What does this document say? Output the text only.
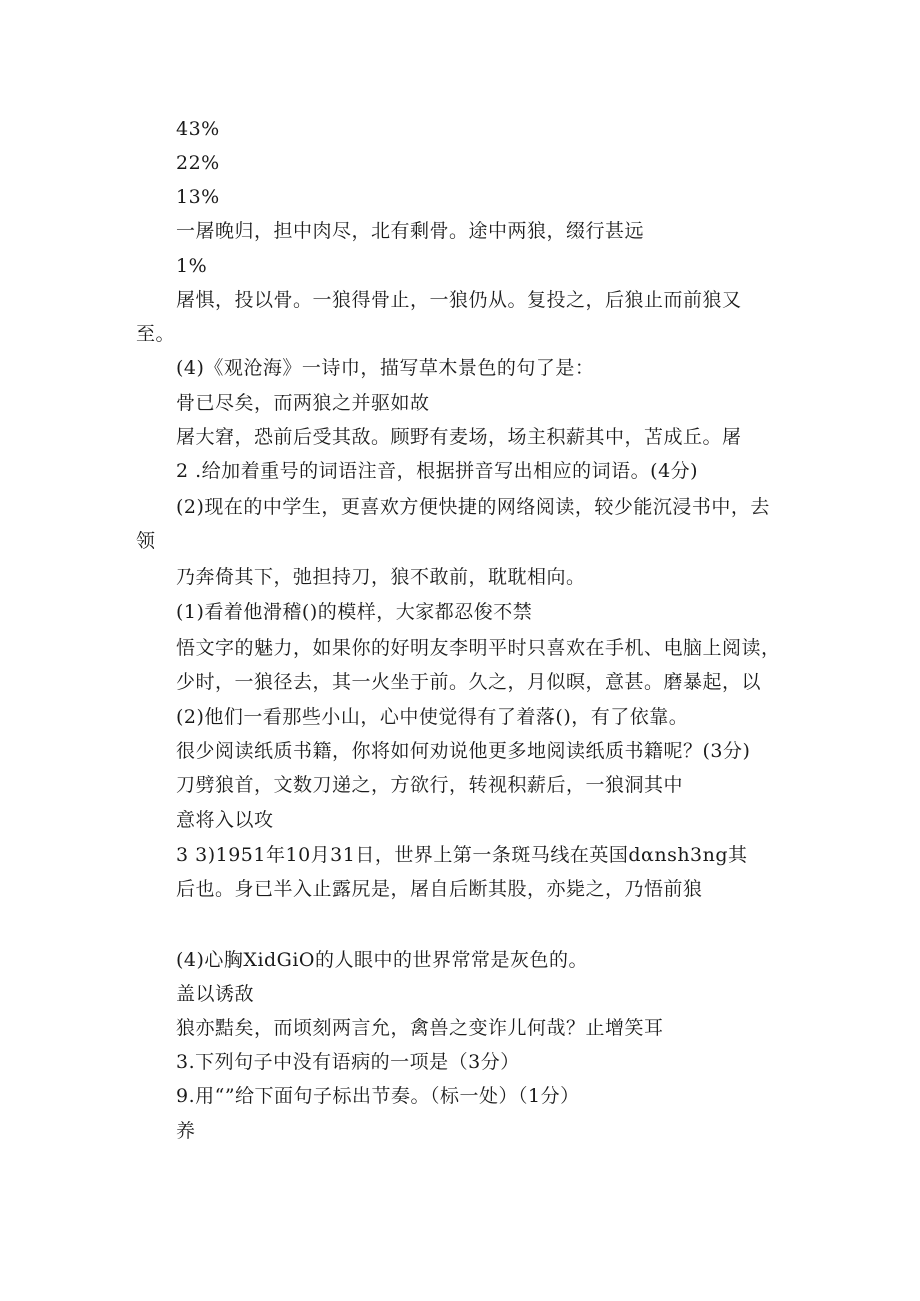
43%
22%
13%
一屠晚归，担中肉尽，北有剩骨。途中两狼，缀行甚远
1%
屠惧，投以骨。一狼得骨止，一狼仍从。复投之，后狼止而前狼又
至。
(4)《观沧海》一诗巾，描写草木景色的句了是：
骨已尽矣，而两狼之并驱如故
屠大窘，恐前后受其敌。顾野有麦场，场主积薪其中，苫成丘。屠
2 .给加着重号的词语注音，根据拼音写出相应的词语。(4分)
(2)现在的中学生，更喜欢方便快捷的网络阅读，较少能沉浸书中，去
领
乃奔倚其下，弛担持刀，狼不敢前，耽耽相向。
(1)看着他滑稽()的模样，大家都忍俊不禁
悟文字的魅力，如果你的好明友李明平时只喜欢在手机、电脑上阅读，
少时，一狼径去，其一火坐于前。久之，月似暝，意甚。磨暴起，以
(2)他们一看那些小山，心中使觉得有了着落()，有了依靠。
很少阅读纸质书籍，你将如何劝说他更多地阅读纸质书籍呢？(3分)
刀劈狼首，文数刀递之，方欲行，转视积薪后，一狼洞其中
意将入以攻
3 3)1951年10月31日，世界上第一条斑马线在英国dαnsh3ng其
后也。身已半入止露尻是，屠自后断其股，亦毙之，乃悟前狼
(4)心胸XidGiO的人眼中的世界常常是灰色的。
盖以诱敌
狼亦黠矣，而顷刻两言允，禽兽之变诈儿何哉？止增笑耳
3.下列句子中没有语病的一项是（3分）
9.用“”给下面句子标出节奏。（标一处）（1分）
养
